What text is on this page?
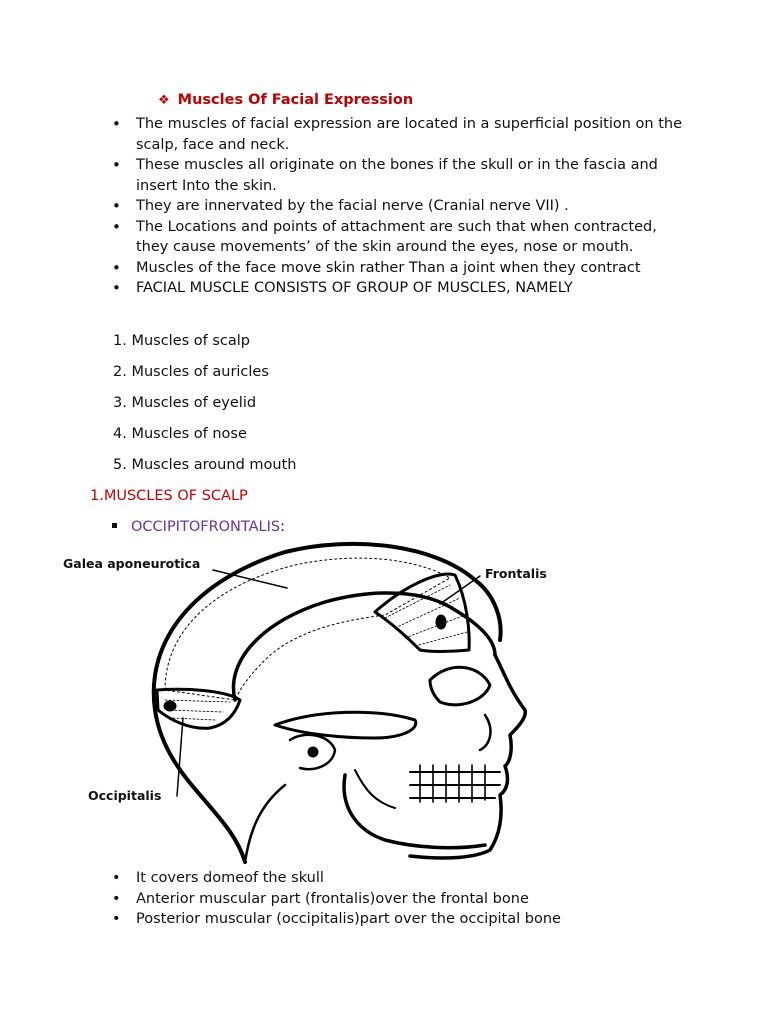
❖ Muscles Of Facial Expression
• The muscles of facial expression are located in a superficial position on the scalp, face and neck.
• These muscles all originate on the bones if the skull or in the fascia and insert Into the skin.
• They are innervated by the facial nerve (Cranial nerve VII) .
• The Locations and points of attachment are such that when contracted, they cause movements’ of the skin around the eyes, nose or mouth.
• Muscles of the face move skin rather Than a joint when they contract
• FACIAL MUSCLE CONSISTS OF GROUP OF MUSCLES, NAMELY
1. Muscles of scalp
2. Muscles of auricles
3. Muscles of eyelid
4. Muscles of nose
5. Muscles around mouth
1.MUSCLES OF SCALP
OCCIPITOFRONTALIS:
Galea aponeurotica
Frontalis
Occipitalis
• It covers domeof the skull
• Anterior muscular part (frontalis)over the frontal bone
• Posterior muscular (occipitalis)part over the occipital bone
